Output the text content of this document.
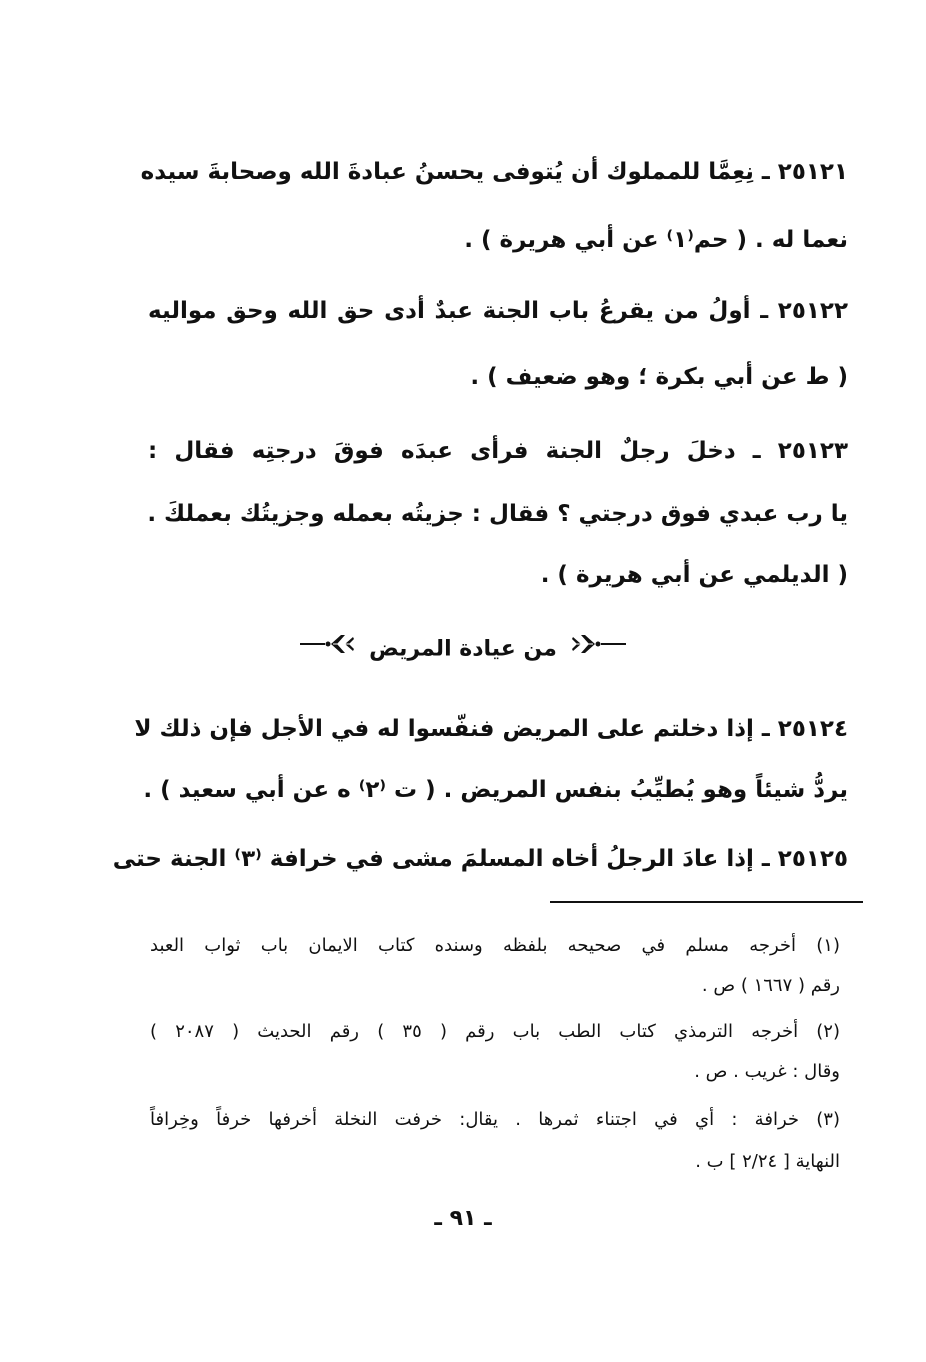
٢٥١٢١ ـ نِعِمَّا للمملوك أن يُتوفى يحسنُ عبادةَ الله وصحابةَ سيده
نعما له . ( حم⁽١⁾ عن أبي هريرة ) .
٢٥١٢٢ ـ أولُ من يقرعُ باب الجنة عبدٌ أدى حق الله وحق مواليه
( ط عن أبي بكرة ؛ وهو ضعيف ) .
٢٥١٢٣ ـ دخلَ رجلٌ الجنة فرأى عبدَه فوقَ درجتِه فقال :
يا رب عبدي فوق درجتي ؟ فقال : جزيتُه بعمله وجزيتُك بعملكَ .
( الديلمي عن أبي هريرة ) .
من عيادة المريض
٢٥١٢٤ ـ إذا دخلتم على المريض فنفّسوا له في الأجل فإن ذلك لا
يردُّ شيئاً وهو يُطيِّبُ بنفس المريض . ( ت ⁽٢⁾ ه عن أبي سعيد ) .
٢٥١٢٥ ـ إذا عادَ الرجلُ أخاه المسلمَ مشى في خرافة ⁽٣⁾ الجنة حتى
(١) أخرجه مسلم في صحيحه بلفظه وسنده كتاب الايمان باب ثواب العبد
رقم ( ١٦٦٧ ) ص .
(٢) أخرجه الترمذي كتاب الطب باب رقم ( ٣٥ ) رقم الحديث ( ٢٠٨٧ )
وقال : غريب . ص .
(٣) خرافة : أي في اجتناء ثمرها . يقال: خرفت النخلة أخرفها خرفاً وخِرافاً
النهاية [ ٢/٢٤ ] ب .
ـ ٩١ ـ
